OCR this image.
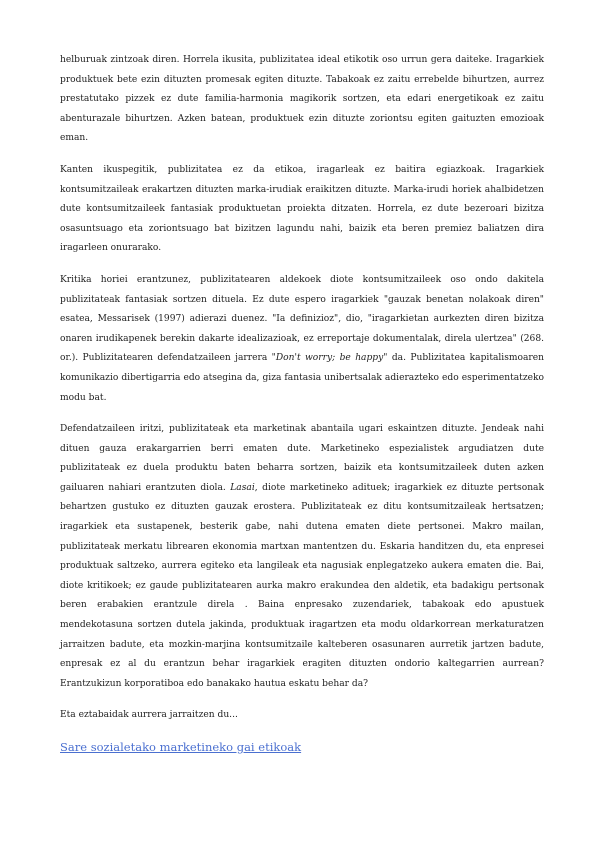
helburuak zintzoak diren. Horrela ikusita, publizitatea ideal etikotik oso urrun gera daiteke. Iragarkiek produktuek bete ezin dituzten promesak egiten dituzte. Tabakoak ez zaitu errebelde bihurtzen, aurrez prestatutako pizzek ez dute familia-harmonia magikorik sortzen, eta edari energetikoak ez zaitu abenturazale bihurtzen. Azken batean, produktuek ezin dituzte zoriontsu egiten gaituzten emozioak eman.

Kanten ikuspegitik, publizitatea ez da etikoa, iragarleak ez baitira egiazkoak. Iragarkiek kontsumitzaileak erakartzen dituzten marka-irudiak eraikitzen dituzte. Marka-irudi horiek ahalbidetzen dute kontsumitzaileek fantasiak produktuetan proiekta ditzaten. Horrela, ez dute bezeroari bizitza osasuntsuago eta zoriontsuago bat bizitzen lagundu nahi, baizik eta beren premiez baliatzen dira iragarleen onurarako.

Kritika horiei erantzunez, publizitatearen aldekoek diote kontsumitzaileek oso ondo dakitela publizitateak fantasiak sortzen dituela. Ez dute espero iragarkiek "gauzak benetan nolakoak diren" esatea, Messarisek (1997) adierazi duenez. "Ia definizioz", dio, "iragarkietan aurkezten diren bizitza onaren irudikapenek berekin dakarte idealizazioak, ez erreportaje dokumentalak, direla ulertzea" (268. or.). Publizitatearen defendatzaileen jarrera "Don't worry; be happy" da. Publizitatea kapitalismoaren komunikazio dibertigarria edo atsegina da, giza fantasia unibertsalak adierazteko edo esperimentatzeko modu bat.

Defendatzaileen iritzi, publizitateak eta marketinak abantaila ugari eskaintzen dituzte. Jendeak nahi dituen gauza erakargarrien berri ematen dute. Marketineko espezialistek argudiatzen dute publizitateak ez duela produktu baten beharra sortzen, baizik eta kontsumitzaileek duten azken gailuaren nahiari erantzuten diola. Lasai, diote marketineko adituek; iragarkiek ez dituzte pertsonak behartzen gustuko ez dituzten gauzak erostera. Publizitateak ez ditu kontsumitzaileak hertsatzen; iragarkiek eta sustapenek, besterik gabe, nahi dutena ematen diete pertsonei. Makro mailan, publizitateak merkatu librearen ekonomia martxan mantentzen du. Eskaria handitzen du, eta enpresei produktuak saltzeko, aurrera egiteko eta langileak eta nagusiak enplegatzeko aukera ematen die. Bai, diote kritikoek; ez gaude publizitatearen aurka makro erakundea den aldetik, eta badakigu pertsonak beren erabakien erantzule direla . Baina enpresako zuzendariek, tabakoak edo apustuek mendekotasuna sortzen dutela jakinda, produktuak iragartzen eta modu oldarkorrean merkaturatzen jarraitzen badute, eta mozkin-marjina kontsumitzaile kalteberen osasunaren aurretik jartzen badute, enpresak ez al du erantzun behar iragarkiek eragiten dituzten ondorio kaltegarrien aurrean? Erantzukizun korporatiboa edo banakako hautua eskatu behar da?

Eta eztabaidak aurrera jarraitzen du...

Sare sozialetako marketineko gai etikoak
